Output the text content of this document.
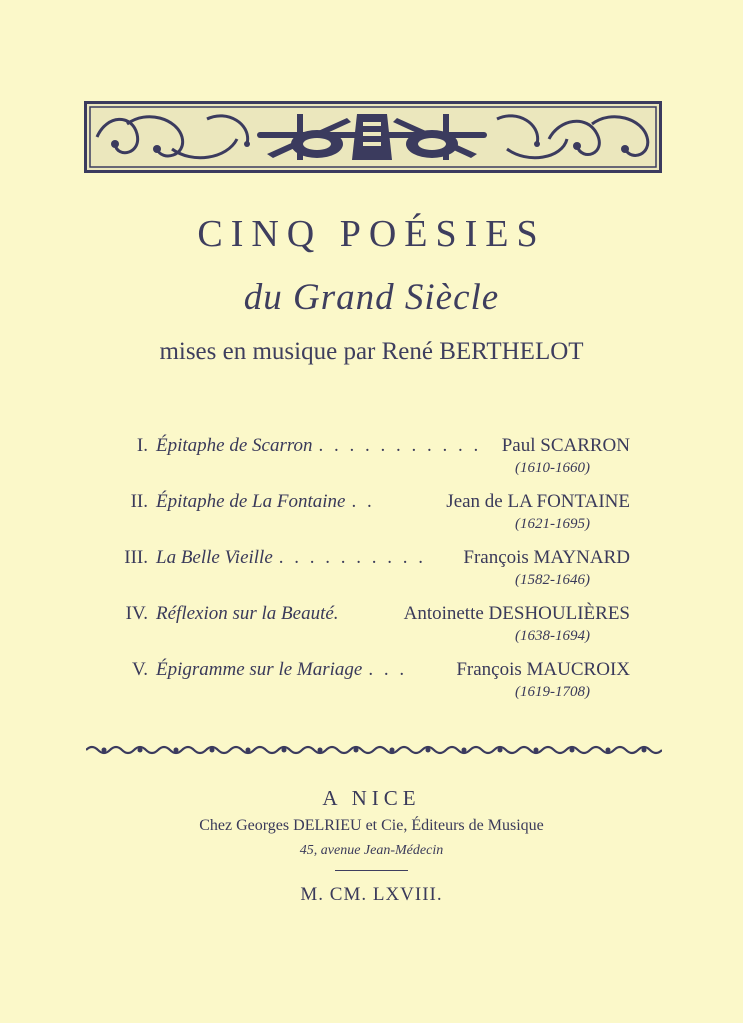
CINQ POÉSIES
du Grand Siècle
mises en musique par René BERTHELOT
I. Épitaphe de Scarron . . . . . . . . . . .	Paul SCARRON
(1610-1660)
II. Épitaphe de La Fontaine . .	Jean de LA FONTAINE
(1621-1695)
III. La Belle Vieille . . . . . . . . . .	François MAYNARD
(1582-1646)
IV. Réflexion sur la Beauté.	Antoinette DESHOULIÈRES
(1638-1694)
V. Épigramme sur le Mariage . . .	François MAUCROIX
(1619-1708)
A NICE
Chez Georges DELRIEU et Cie, Éditeurs de Musique
45, avenue Jean-Médecin
M. CM. LXVIII.
